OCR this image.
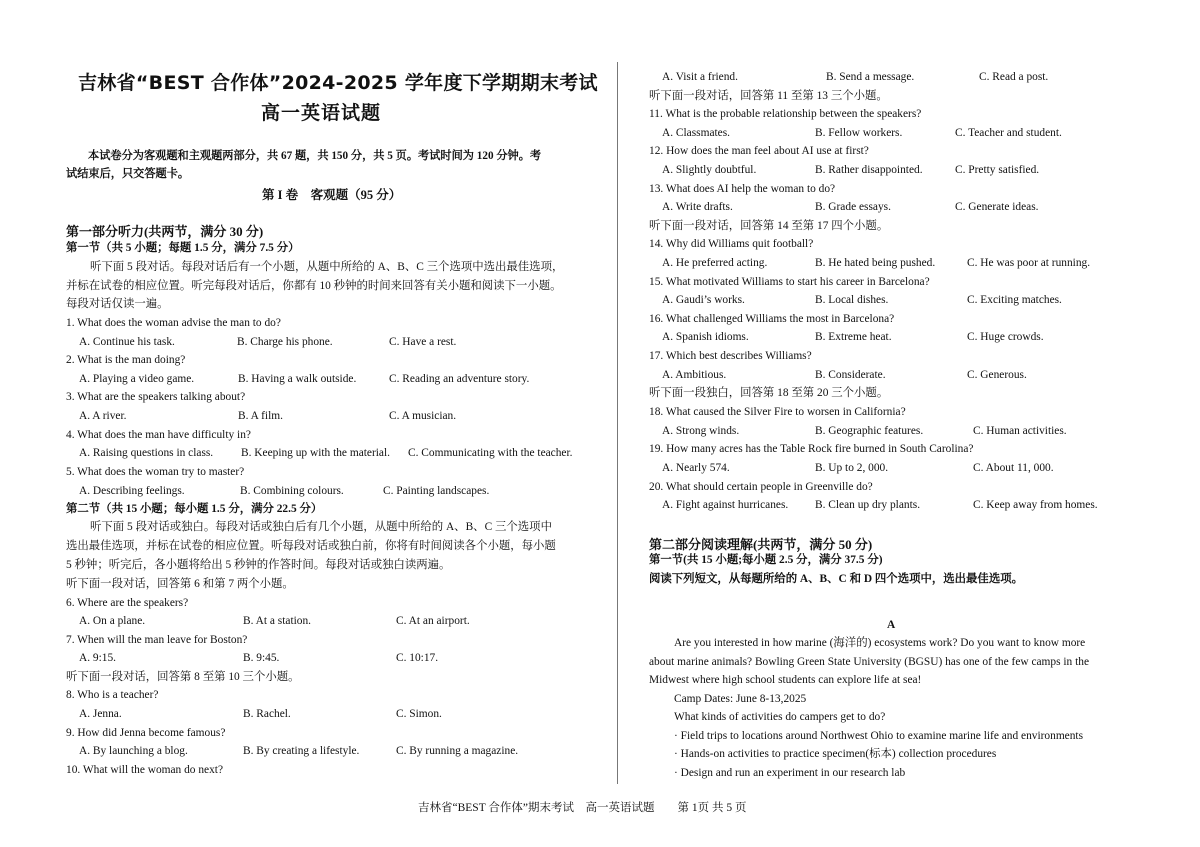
吉林省“BEST 合作体”2024-2025 学年度下学期期末考试
高一英语试题
本试卷分为客观题和主观题两部分，共 67 题，共 150 分，共 5 页。考试时间为 120 分钟。考
试结束后，只交答题卡。
第 I 卷　客观题（95 分）
第一部分听力(共两节，满分 30 分)
第一节（共 5 小题；每题 1.5 分，满分 7.5 分）
听下面 5 段对话。每段对话后有一个小题，从题中所给的 A、B、C 三个选项中选出最佳选项，
并标在试卷的相应位置。听完每段对话后，你都有 10 秒钟的时间来回答有关小题和阅读下一小题。
每段对话仅读一遍。
1. What does the woman advise the man to do?
A. Continue his task.	B. Charge his phone.	C. Have a rest.
2. What is the man doing?
A. Playing a video game.	B. Having a walk outside.	C. Reading an adventure story.
3. What are the speakers talking about?
A. A river.	B. A film.	C. A musician.
4. What does the man have difficulty in?
A. Raising questions in class. B. Keeping up with the material. C. Communicating with the teacher.
5. What does the woman try to master?
A. Describing feelings.	B. Combining colours.	C. Painting landscapes.
第二节（共 15 小题；每小题 1.5 分，满分 22.5 分）
听下面 5 段对话或独白。每段对话或独白后有几个小题，从题中所给的 A、B、C 三个选项中
选出最佳选项，并标在试卷的相应位置。听每段对话或独白前，你将有时间阅读各个小题，每小题
5 秒钟；听完后，各小题将给出 5 秒钟的作答时间。每段对话或独白读两遍。
听下面一段对话，回答第 6 和第 7 两个小题。
6. Where are the speakers?
A. On a plane.	B. At a station.	C. At an airport.
7. When will the man leave for Boston?
A. 9:15.	B. 9:45.	C. 10:17.
听下面一段对话，回答第 8 至第 10 三个小题。
8. Who is a teacher?
A. Jenna.	B. Rachel.	C. Simon.
9. How did Jenna become famous?
A. By launching a blog.	B. By creating a lifestyle.	C. By running a magazine.
10. What will the woman do next?
A. Visit a friend.	B. Send a message.	C. Read a post.
听下面一段对话，回答第 11 至第 13 三个小题。
11. What is the probable relationship between the speakers?
A. Classmates.	B. Fellow workers.	C. Teacher and student.
12. How does the man feel about AI use at first?
A. Slightly doubtful.	B. Rather disappointed.	C. Pretty satisfied.
13. What does AI help the woman to do?
A. Write drafts.	B. Grade essays.	C. Generate ideas.
听下面一段对话，回答第 14 至第 17 四个小题。
14. Why did Williams quit football?
A. He preferred acting.	B. He hated being pushed.	C. He was poor at running.
15. What motivated Williams to start his career in Barcelona?
A. Gaudi’s works.	B. Local dishes.	C. Exciting matches.
16. What challenged Williams the most in Barcelona?
A. Spanish idioms.	B. Extreme heat.	C. Huge crowds.
17. Which best describes Williams?
A. Ambitious.	B. Considerate.	C. Generous.
听下面一段独白，回答第 18 至第 20 三个小题。
18. What caused the Silver Fire to worsen in California?
A. Strong winds.	B. Geographic features.	C. Human activities.
19. How many acres has the Table Rock fire burned in South Carolina?
A. Nearly 574.	B. Up to 2, 000.	C. About 11, 000.
20. What should certain people in Greenville do?
A. Fight against hurricanes. B. Clean up dry plants.	C. Keep away from homes.
第二部分阅读理解(共两节，满分 50 分)
第一节(共 15 小题;每小题 2.5 分，满分 37.5 分)
阅读下列短文，从每题所给的 A、B、C 和 D 四个选项中，选出最佳选项。
A
Are you interested in how marine (海洋的) ecosystems work? Do you want to know more
about marine animals? Bowling Green State University (BGSU) has one of the few camps in the
Midwest where high school students can explore life at sea!
Camp Dates: June 8-13,2025
What kinds of activities do campers get to do?
· Field trips to locations around Northwest Ohio to examine marine life and environments
· Hands-on activities to practice specimen(标本) collection procedures
· Design and run an experiment in our research lab
吉林省“BEST 合作体”期末考试　高一英语试题　　第 1页 共 5 页
